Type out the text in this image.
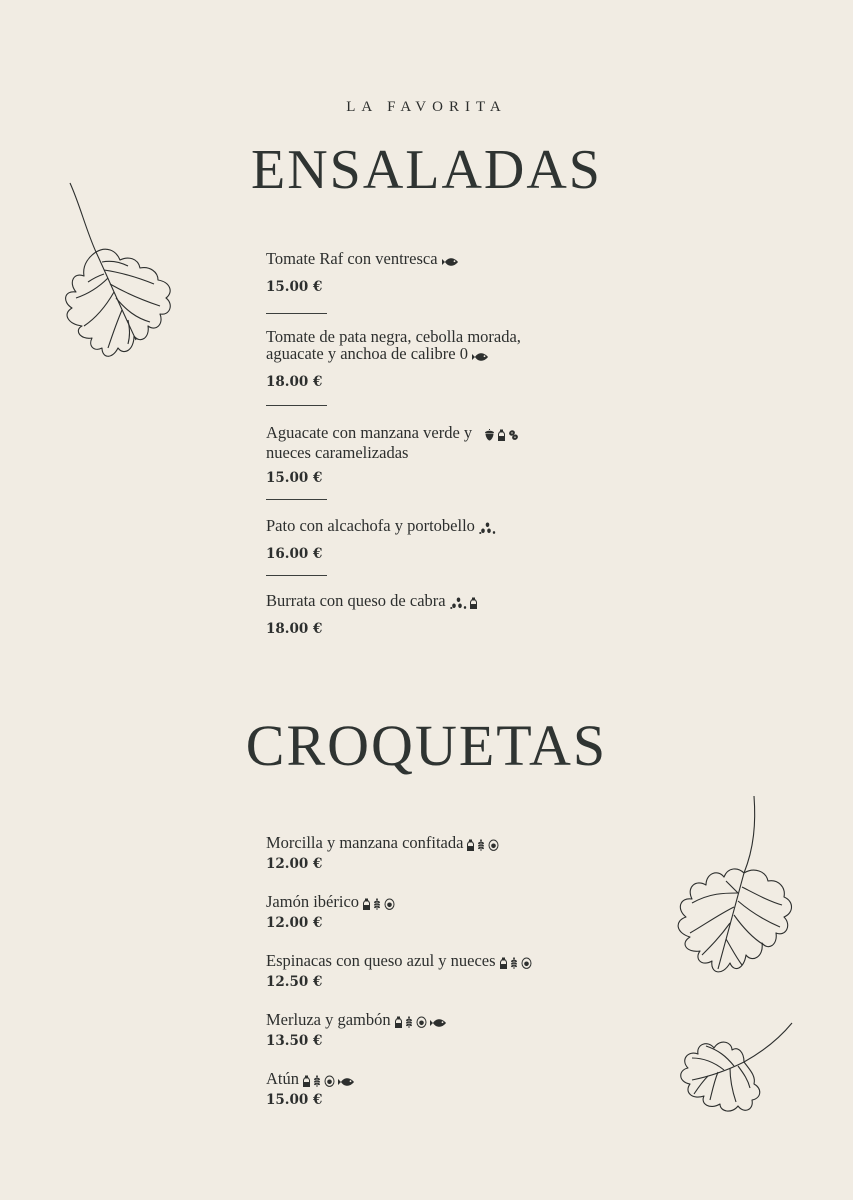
LA FAVORITA
ENSALADAS
CROQUETAS
Tomate Raf con ventresca
15.00 €
Tomate de pata negra, cebolla morada,
aguacate y anchoa de calibre 0
18.00 €
Aguacate con manzana verde y
nueces caramelizadas
15.00 €
Pato con alcachofa y portobello
16.00 €
Burrata con queso de cabra
18.00 €
Morcilla y manzana confitada
12.00 €
Jamón ibérico
12.00 €
Espinacas con queso azul y nueces
12.50 €
Merluza y gambón
13.50 €
Atún
15.00 €
